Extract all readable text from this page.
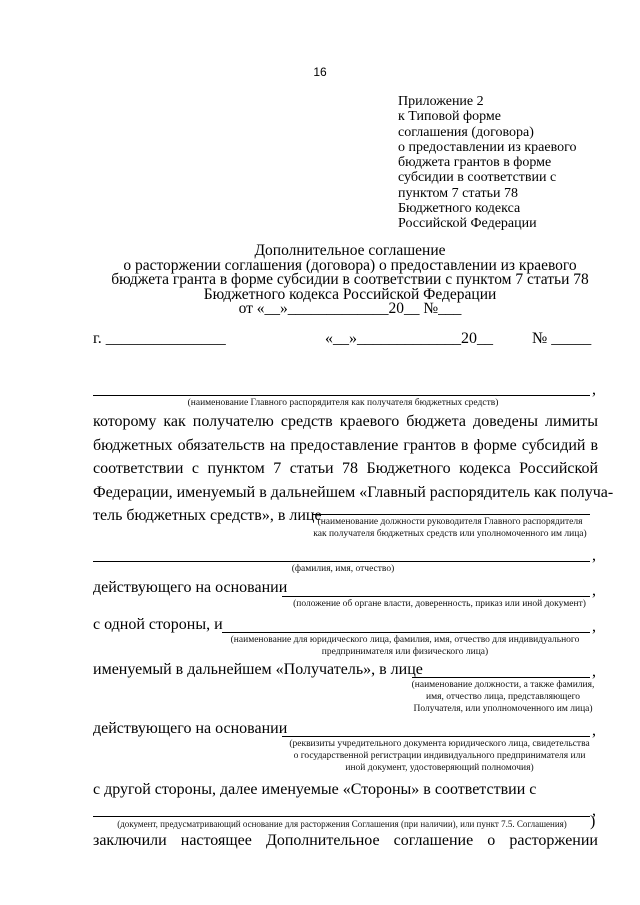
16
Приложение 2
к Типовой форме
соглашения (договора)
о предоставлении из краевого
бюджета грантов в форме
субсидии в соответствии с
пунктом 7 статьи 78
Бюджетного кодекса
Российской Федерации
Дополнительное соглашение
о расторжении соглашения (договора) о предоставлении из краевого
бюджета гранта в форме субсидии в соответствии с пунктом 7 статьи 78
Бюджетного кодекса Российской Федерации
от «__»_____________20__ №___
г. _______________	«__»_____________20__ № _____
,
(наименование Главного распорядителя как получателя бюджетных средств)
которому как получателю средств краевого бюджета доведены лимиты
бюджетных обязательств на предоставление грантов в форме субсидий в
соответствии с пунктом 7 статьи 78 Бюджетного кодекса Российской
Федерации, именуемый в дальнейшем «Главный распорядитель как получа-
тель бюджетных средств», в лице
(наименование должности руководителя Главного распорядителя
как получателя бюджетных средств или уполномоченного им лица)
,
(фамилия, имя, отчество)
действующего на основании	,
(положение об органе власти, доверенность, приказ или иной документ)
с одной стороны, и	,
(наименование для юридического лица, фамилия, имя, отчество для индивидуального
предпринимателя или физического лица)
именуемый в дальнейшем «Получатель», в лице	,
(наименование должности, а также фамилия,
имя, отчество лица, представляющего
Получателя, или уполномоченного им лица)
действующего на основании	,
(реквизиты учредительного документа юридического лица, свидетельства
о государственной регистрации индивидуального предпринимателя или
иной документ, удостоверяющий полномочия)
с другой стороны, далее именуемые «Стороны» в соответствии с
,
(документ, предусматривающий основание для расторжения Соглашения (при наличии), или пункт 7.5. Соглашения)	)
заключили настоящее Дополнительное соглашение о расторжении
